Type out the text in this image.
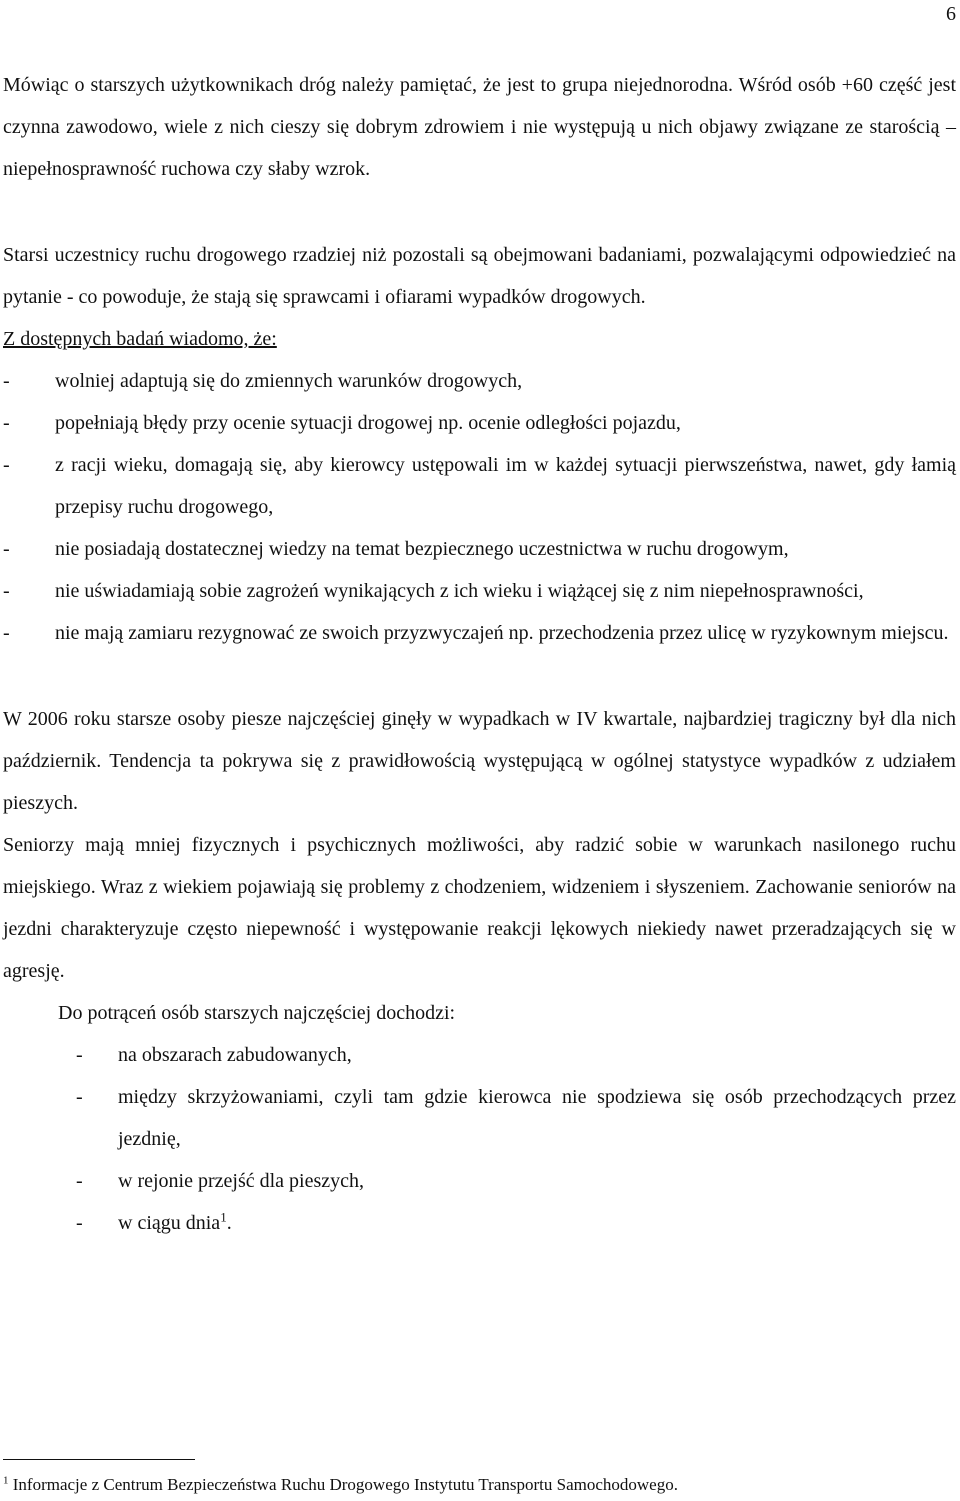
6

Mówiąc o starszych użytkownikach dróg należy pamiętać, że jest to grupa niejednorodna. Wśród osób +60 część jest czynna zawodowo, wiele z nich cieszy się dobrym zdrowiem i nie występują u nich objawy związane ze starością – niepełnosprawność ruchowa czy słaby wzrok.

Starsi uczestnicy ruchu drogowego rzadziej niż pozostali są obejmowani badaniami, pozwalającymi odpowiedzieć na pytanie - co powoduje, że stają się sprawcami i ofiarami wypadków drogowych.

Z dostępnych badań wiadomo, że:

- wolniej adaptują się do zmiennych warunków drogowych,
- popełniają błędy przy ocenie sytuacji drogowej np. ocenie odległości pojazdu,
- z racji wieku, domagają się, aby kierowcy ustępowali im w każdej sytuacji pierwszeństwa, nawet, gdy łamią przepisy ruchu drogowego,
- nie posiadają dostatecznej wiedzy na temat bezpiecznego uczestnictwa w ruchu drogowym,
- nie uświadamiają sobie zagrożeń wynikających z ich wieku i wiążącej się z nim niepełnosprawności,
- nie mają zamiaru rezygnować ze swoich przyzwyczajeń np. przechodzenia przez ulicę w ryzykownym miejscu.

W 2006 roku starsze osoby piesze najczęściej ginęły w wypadkach w IV kwartale, najbardziej tragiczny był dla nich październik. Tendencja ta pokrywa się z prawidłowością występującą w ogólnej statystyce wypadków z udziałem pieszych.

Seniorzy mają mniej fizycznych i psychicznych możliwości, aby radzić sobie w warunkach nasilonego ruchu miejskiego. Wraz z wiekiem pojawiają się problemy z chodzeniem, widzeniem i słyszeniem. Zachowanie seniorów na jezdni charakteryzuje często niepewność i występowanie reakcji lękowych niekiedy nawet przeradzających się w agresję.

Do potrąceń osób starszych najczęściej dochodzi:

- na obszarach zabudowanych,
- między skrzyżowaniami, czyli tam gdzie kierowca nie spodziewa się osób przechodzących przez jezdnię,
- w rejonie przejść dla pieszych,
- w ciągu dnia$^1$.
$^1$ Informacje z Centrum Bezpieczeństwa Ruchu Drogowego Instytutu Transportu Samochodowego.
